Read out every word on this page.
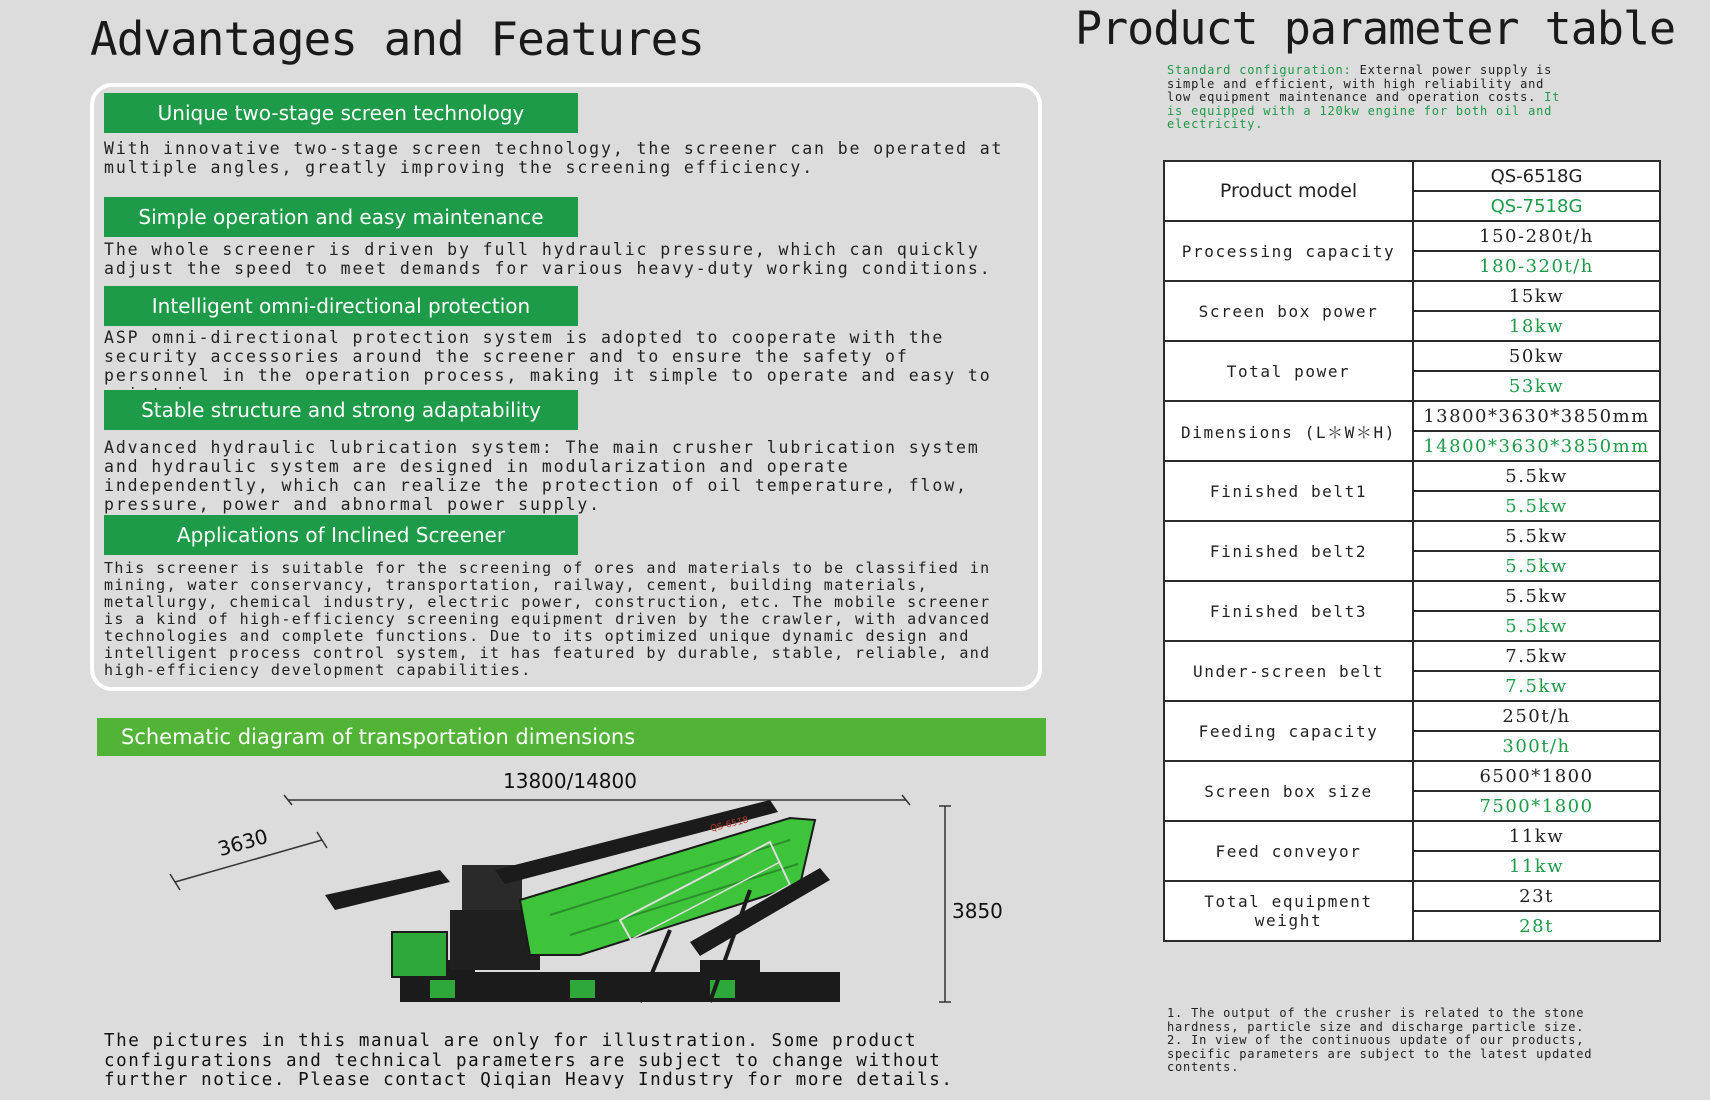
Advantages and Features
Unique two-stage screen technology
With innovative two-stage screen technology, the screener can be operated at multiple angles, greatly improving the screening efficiency.
Simple operation and easy maintenance
The whole screener is driven by full hydraulic pressure, which can quickly adjust the speed to meet demands for various heavy-duty working conditions.
Intelligent omni-directional protection
ASP omni-directional protection system is adopted to cooperate with the security accessories around the screener and to ensure the safety of personnel in the operation process, making it simple to operate and easy to
Stable structure and strong adaptability
Advanced hydraulic lubrication system: The main crusher lubrication system and hydraulic system are designed in modularization and operate independently, which can realize the protection of oil temperature, flow, pressure, power and abnormal power supply.
Applications of Inclined Screener
This screener is suitable for the screening of ores and materials to be classified in mining, water conservancy, transportation, railway, cement, building materials, metallurgy, chemical industry, electric power, construction, etc. The mobile screener is a kind of high-efficiency screening equipment driven by the crawler, with advanced technologies and complete functions. Due to its optimized unique dynamic design and intelligent process control system, it has featured by durable, stable, reliable, and high-efficiency development capabilities.
Schematic diagram of transportation dimensions
13800/14800
3630
3850
QS-6518
The pictures in this manual are only for illustration. Some product configurations and technical parameters are subject to change without further notice. Please contact Qiqian Heavy Industry for more details.
Product parameter table
Standard configuration: External power supply is simple and efficient, with high reliability and low equipment maintenance and operation costs. It is equipped with a 120kw engine for both oil and electricity.
Product model	QS-6518G
	QS-7518G
Processing capacity	150-280t/h
	180-320t/h
Screen box power	15kw
	18kw
Total power	50kw
	53kw
Dimensions (L＊W＊H)	13800*3630*3850mm
	14800*3630*3850mm
Finished belt1	5.5kw
	5.5kw
Finished belt2	5.5kw
	5.5kw
Finished belt3	5.5kw
	5.5kw
Under-screen belt	7.5kw
	7.5kw
Feeding capacity	250t/h
	300t/h
Screen box size	6500*1800
	7500*1800
Feed conveyor	11kw
	11kw
Total equipment weight	23t
	28t
1. The output of the crusher is related to the stone hardness, particle size and discharge particle size.
2. In view of the continuous update of our products, specific parameters are subject to the latest updated contents.
